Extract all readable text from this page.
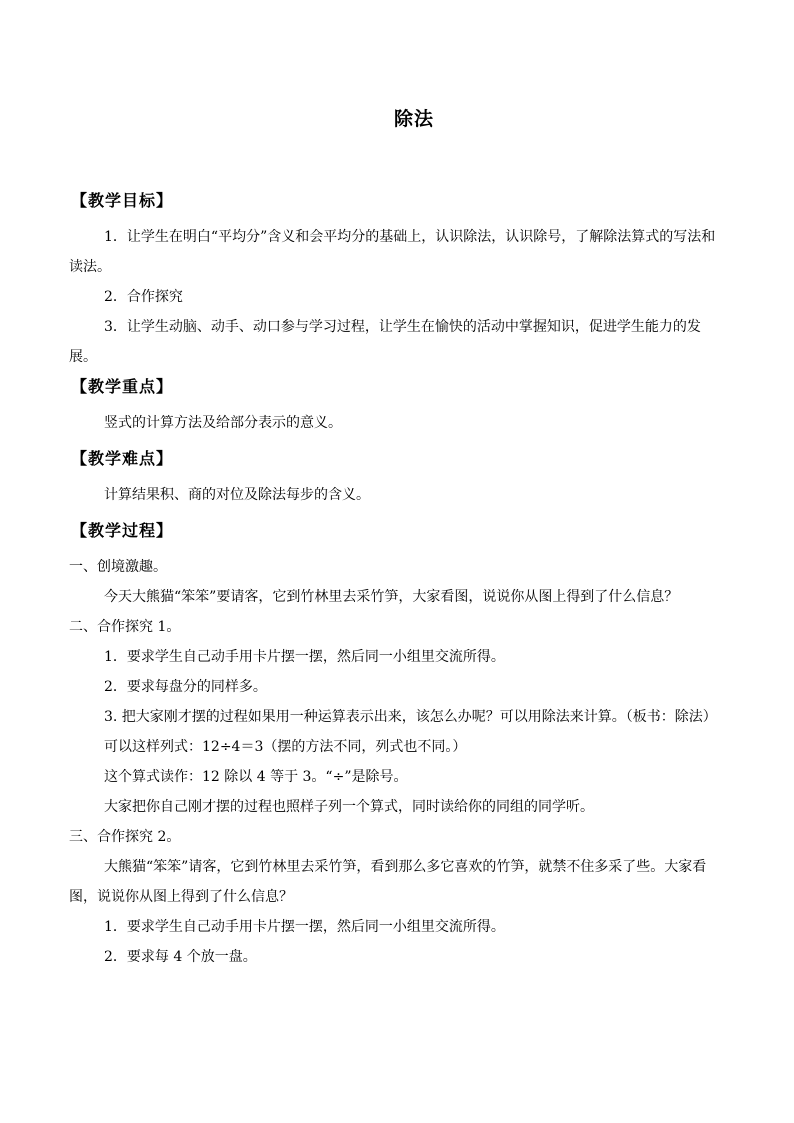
除法
【教学目标】

1．让学生在明白“平均分”含义和会平均分的基础上，认识除法，认识除号，了解除法算式的写法和读法。

2．合作探究

3．让学生动脑、动手、动口参与学习过程，让学生在愉快的活动中掌握知识，促进学生能力的发展。

【教学重点】

竖式的计算方法及给部分表示的意义。

【教学难点】

计算结果积、商的对位及除法每步的含义。

【教学过程】

一、创境激趣。

今天大熊猫“笨笨”要请客，它到竹林里去采竹笋，大家看图，说说你从图上得到了什么信息？

二、合作探究 1。

1．要求学生自己动手用卡片摆一摆，然后同一小组里交流所得。

2．要求每盘分的同样多。

3. 把大家刚才摆的过程如果用一种运算表示出来，该怎么办呢？可以用除法来计算。（板书：除法）

可以这样列式：12÷4＝3（摆的方法不同，列式也不同。）

这个算式读作：12 除以 4 等于 3。“÷”是除号。

大家把你自己刚才摆的过程也照样子列一个算式，同时读给你的同组的同学听。

三、合作探究 2。

大熊猫“笨笨”请客，它到竹林里去采竹笋，看到那么多它喜欢的竹笋，就禁不住多采了些。大家看图，说说你从图上得到了什么信息？

1．要求学生自己动手用卡片摆一摆，然后同一小组里交流所得。

2．要求每 4 个放一盘。
